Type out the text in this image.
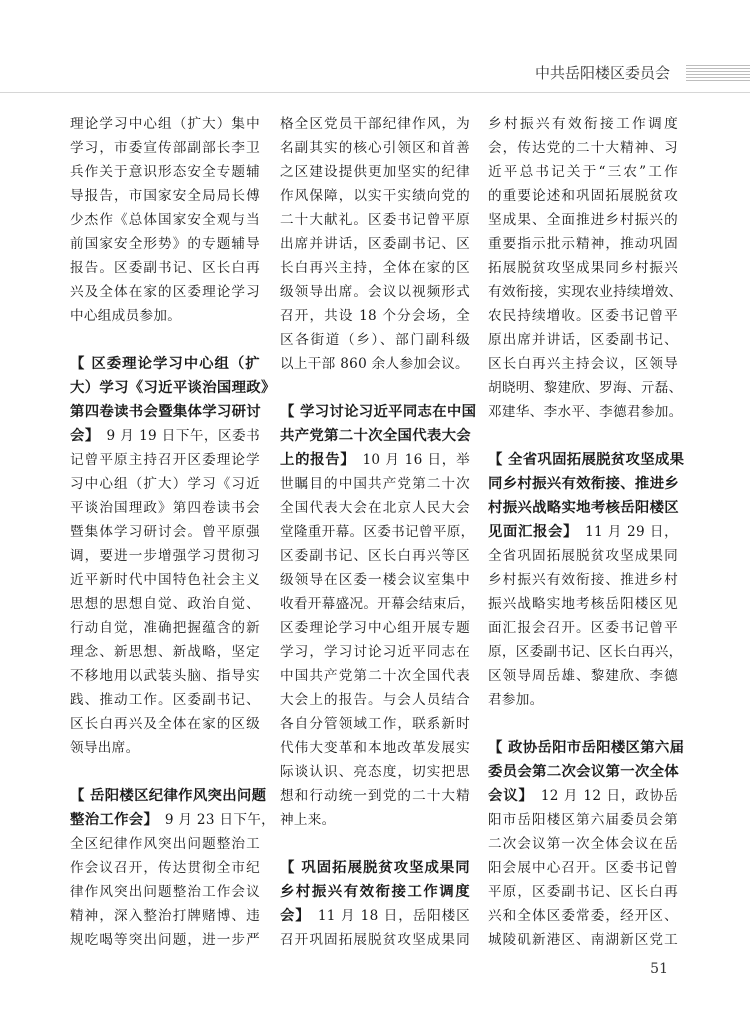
中共岳阳楼区委员会
理论学习中心组（扩大）集中
学习，市委宣传部副部长李卫
兵作关于意识形态安全专题辅
导报告，市国家安全局局长傅
少杰作《总体国家安全观与当
前国家安全形势》的专题辅导
报告。区委副书记、区长白再
兴及全体在家的区委理论学习
中心组成员参加。
【 区委理论学习中心组（扩
大）学习《习近平谈治国理政》
第四卷读书会暨集体学习研讨
会】　9 月 19 日下午，区委书
记曾平原主持召开区委理论学
习中心组（扩大）学习《习近
平谈治国理政》第四卷读书会
暨集体学习研讨会。曾平原强
调，要进一步增强学习贯彻习
近平新时代中国特色社会主义
思想的思想自觉、政治自觉、
行动自觉，准确把握蕴含的新
理念、新思想、新战略，坚定
不移地用以武装头脑、指导实
践、推动工作。区委副书记、
区长白再兴及全体在家的区级
领导出席。
【 岳阳楼区纪律作风突出问题
整治工作会】　9 月 23 日下午，
全区纪律作风突出问题整治工
作会议召开，传达贯彻全市纪
律作风突出问题整治工作会议
精神，深入整治打牌赌博、违
规吃喝等突出问题，进一步严
格全区党员干部纪律作风，为
名副其实的核心引领区和首善
之区建设提供更加坚实的纪律
作风保障，以实干实绩向党的
二十大献礼。区委书记曾平原
出席并讲话，区委副书记、区
长白再兴主持，全体在家的区
级领导出席。会议以视频形式
召开，共设 18 个分会场，全
区各街道（乡）、部门副科级
以上干部 860 余人参加会议。
【 学习讨论习近平同志在中国
共产党第二十次全国代表大会
上的报告】　10 月 16 日，举
世瞩目的中国共产党第二十次
全国代表大会在北京人民大会
堂隆重开幕。区委书记曾平原，
区委副书记、区长白再兴等区
级领导在区委一楼会议室集中
收看开幕盛况。开幕会结束后，
区委理论学习中心组开展专题
学习，学习讨论习近平同志在
中国共产党第二十次全国代表
大会上的报告。与会人员结合
各自分管领域工作，联系新时
代伟大变革和本地改革发展实
际谈认识、亮态度，切实把思
想和行动统一到党的二十大精
神上来。
【 巩固拓展脱贫攻坚成果同
乡村振兴有效衔接工作调度
会】　11 月 18 日，岳阳楼区
召开巩固拓展脱贫攻坚成果同
乡村振兴有效衔接工作调度
会，传达党的二十大精神、习
近平总书记关于“三农”工作
的重要论述和巩固拓展脱贫攻
坚成果、全面推进乡村振兴的
重要指示批示精神，推动巩固
拓展脱贫攻坚成果同乡村振兴
有效衔接，实现农业持续增效、
农民持续增收。区委书记曾平
原出席并讲话，区委副书记、
区长白再兴主持会议，区领导
胡晓明、黎建欣、罗海、亓磊、
邓建华、李水平、李德君参加。
【 全省巩固拓展脱贫攻坚成果
同乡村振兴有效衔接、推进乡
村振兴战略实地考核岳阳楼区
见面汇报会】　11 月 29 日，
全省巩固拓展脱贫攻坚成果同
乡村振兴有效衔接、推进乡村
振兴战略实地考核岳阳楼区见
面汇报会召开。区委书记曾平
原，区委副书记、区长白再兴，
区领导周岳雄、黎建欣、李德
君参加。
【 政协岳阳市岳阳楼区第六届
委员会第二次会议第一次全体
会议】　12 月 12 日，政协岳
阳市岳阳楼区第六届委员会第
二次会议第一次全体会议在岳
阳会展中心召开。区委书记曾
平原，区委副书记、区长白再
兴和全体区委常委，经开区、
城陵矶新港区、南湖新区党工
51
